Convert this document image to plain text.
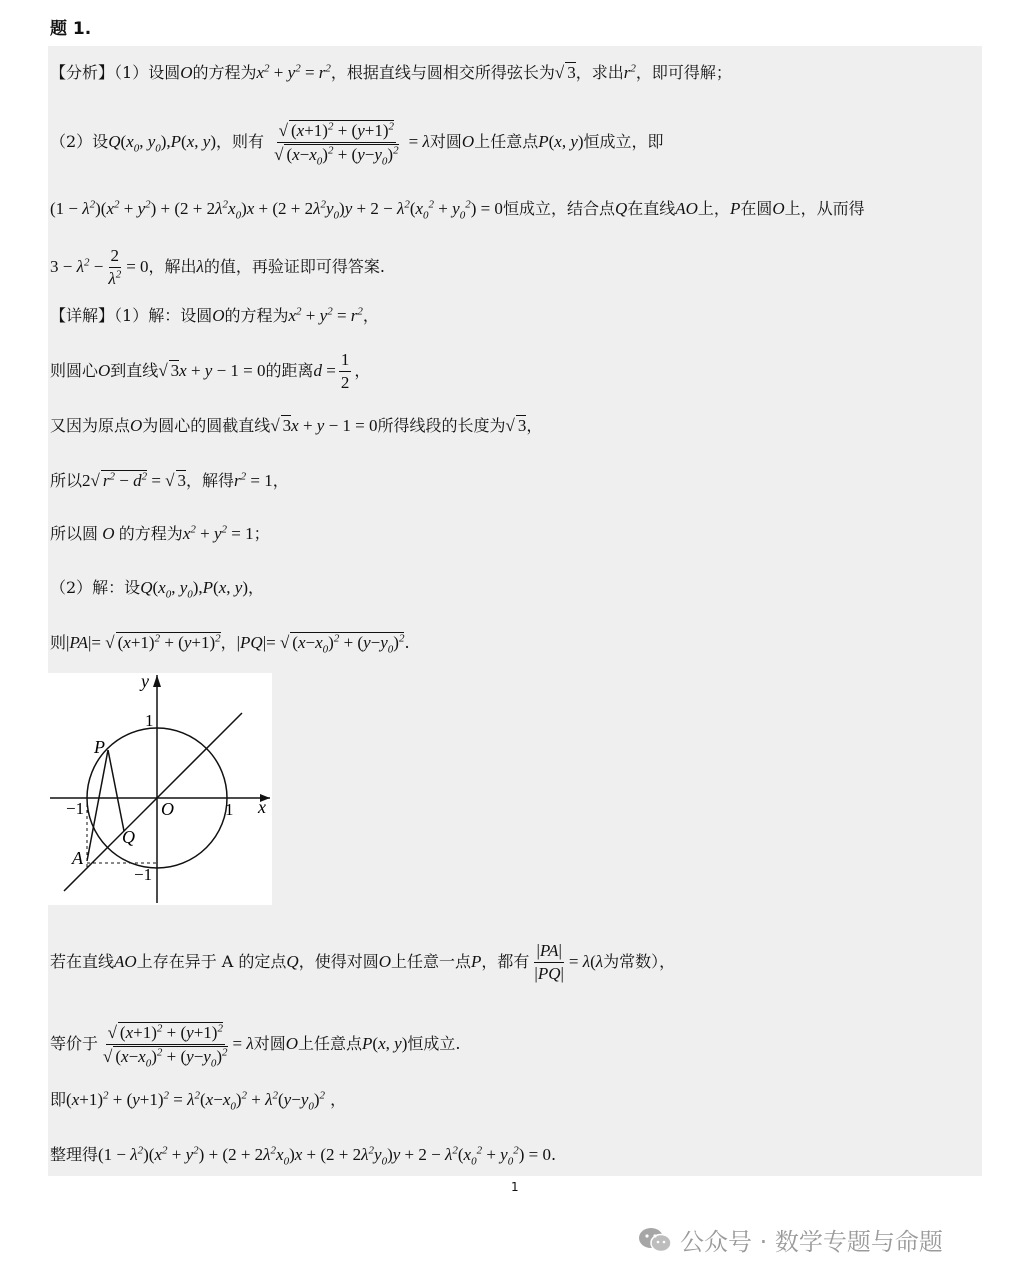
题 1.
【分析】（1）设圆O的方程为$x^2 + y^2 = r^2$，根据直线与圆相交所得弦长为√ 3，求出$r^2$，即可得解；
（2）设$Q(x_0$, $y_0),P(x$, y)，则有 $\frac{√ (x+1)^2 + (y+1)^2}{√ (x-x_0)^2 + (y-y_0)^2} = \lambda$对圆O上任意点P(x, y)恒成立，即
$(1 - \lambda^2)(x^2 + y^2) + (2 + 2\lambda^2x_0)x + (2 + 2\lambda^2y_0)y + 2 - \lambda^2(x_0^2 + y_0^2) = 0$恒成立，结合点Q在直线AO上，P在圆O上，从而得
$3 - \lambda^2 - \frac{2}{\lambda^2} = 0$，解出λ的值，再验证即可得答案.
【详解】（1）解：设圆O的方程为$x^2 + y^2 = r^2$，
则圆心O到直线√ 3x + y − 1 = 0的距离$d = \frac{1}{2}$ ，
又因为原点O为圆心的圆截直线√ 3x + y − 1 = 0所得线段的长度为√ 3，
所以2√ $r^2 - d^2$ = √ 3，解得$r^2 = 1$，
所以圆 O 的方程为$x^2 + y^2 = 1$；
（2）解：设$Q(x_0$, $y_0),P(x$, y)，
则|PA|= √ $(x+1)^2 + (y+1)^2$，|PQ|= √ $(x-x_0)^2 + (y-y_0)^2$.
y
x
1
1
−1
−1
O
P
Q
A
若在直线AO上存在异于 A 的定点Q，使得对圆O上任意一点P，都有 $\frac{|PA|}{|PQ|} = \lambda(\lambda$为常数），
等价于 $\frac{√ (x+1)^2 + (y+1)^2}{√ (x-x_0)^2 + (y-y_0)^2} = \lambda$对圆O上任意点P(x, y)恒成立.
即$(x+1)^2 + (y+1)^2 = \lambda^2(x-x_0)^2 + \lambda^2(y-y_0)^2$ ，
整理得$(1 - \lambda^2)(x^2 + y^2) + (2 + 2\lambda^2x_0)x + (2 + 2\lambda^2y_0)y + 2 - \lambda^2(x_0^2 + y_0^2) = 0$.
1
公众号 · 数学专题与命题
